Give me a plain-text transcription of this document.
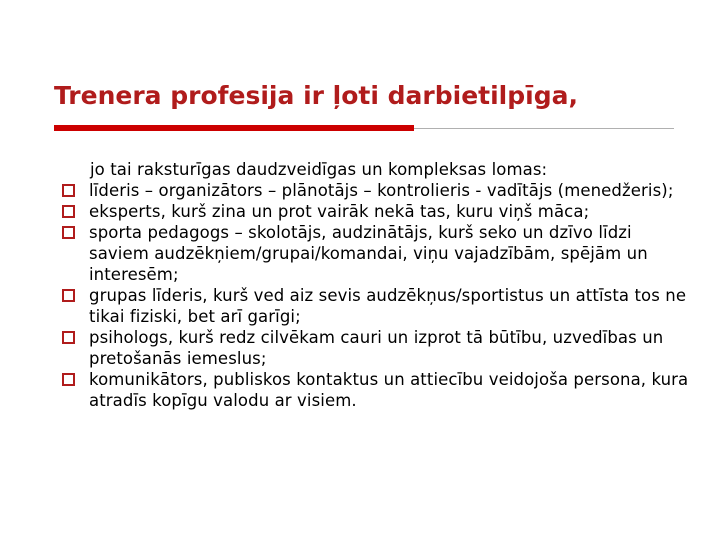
Trenera profesija ir ļoti darbietilpīga,

jo tai raksturīgas daudzveidīgas un kompleksas lomas:

līderis – organizātors – plānotājs – kontrolieris - vadītājs (menedžeris);
eksperts, kurš zina un prot vairāk nekā tas, kuru viņš māca;
sporta pedagogs – skolotājs, audzinātājs, kurš seko un dzīvo līdzi saviem audzēkņiem/grupai/komandai, viņu vajadzībām, spējām un interesēm;
grupas līderis, kurš ved aiz sevis audzēkņus/sportistus un attīsta tos ne tikai fiziski, bet arī garīgi;
psihologs, kurš redz cilvēkam cauri un izprot tā būtību, uzvedības un pretošanās iemeslus;
komunikātors, publiskos kontaktus un attiecību veidojoša persona, kura atradīs kopīgu valodu ar visiem.
